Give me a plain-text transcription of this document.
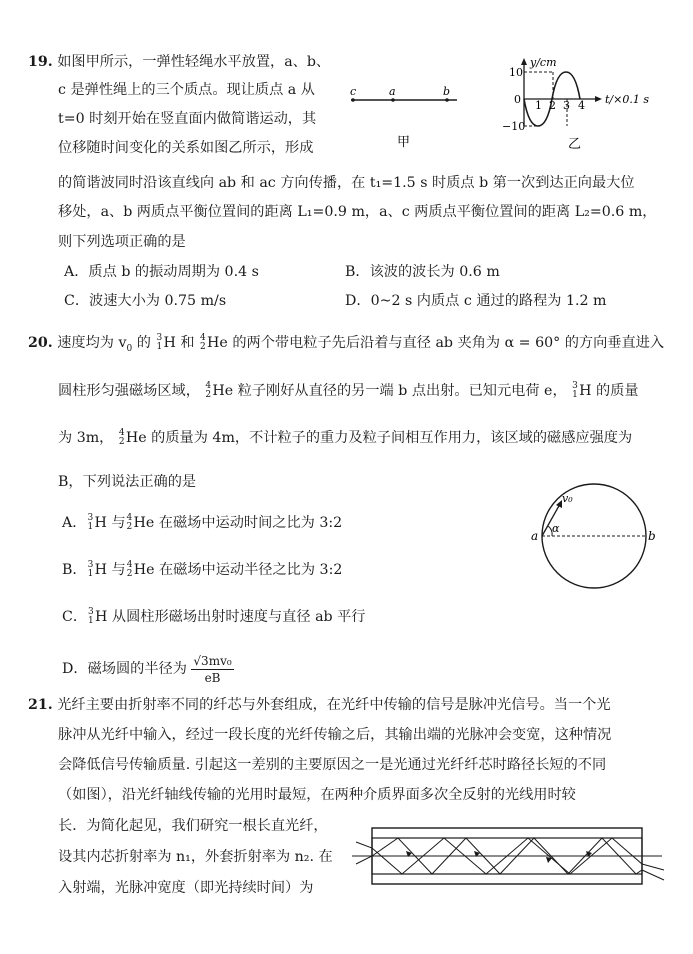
19. 如图甲所示，一弹性轻绳水平放置，a、b、
c 是弹性绳上的三个质点。现让质点 a 从
t=0 时刻开始在竖直面内做简谐运动，其
位移随时间变化的关系如图乙所示，形成
的简谐波同时沿该直线向 ab 和 ac 方向传播，在 t₁=1.5 s 时质点 b 第一次到达正向最大位
移处，a、b 两质点平衡位置间的距离 L₁=0.9 m，a、c 两质点平衡位置间的距离 L₂=0.6 m，
则下列选项正确的是
A．质点 b 的振动周期为 0.4 s	B．该波的波长为 0.6 m
C．波速大小为 0.75 m/s	D．0~2 s 内质点 c 通过的路程为 1.2 m
c	a	b
甲
y/cm
10
−10
0 1 2 3 4 t/×0.1 s
乙
20. 速度均为 $v_0$ 的 3
1 H 和 4
2 He 的两个带电粒子先后沿着与直径 ab 夹角为 α = 60° 的方向垂直进入
圆柱形匀强磁场区域， 4
2 He 粒子刚好从直径的另一端 b 点出射。已知元电荷 e， 3
1 H 的质量
为 3m， 4
2 He 的质量为 4m，不计粒子的重力及粒子间相互作用力，该区域的磁感应强度为
B，下列说法正确的是
A． 3
1 H 与 4
2 He 在磁场中运动时间之比为 3:2
B． 3
1 H 与 4
2 He 在磁场中运动半径之比为 3:2
C． 3
1 H 从圆柱形磁场出射时速度与直径 ab 平行
D．磁场圆的半径为 $\frac{\text{√3mv₀}}{eB}$
a	b
v₀
α
21. 光纤主要由折射率不同的纤芯与外套组成，在光纤中传输的信号是脉冲光信号。当一个光
脉冲从光纤中输入，经过一段长度的光纤传输之后，其输出端的光脉冲会变宽，这种情况
会降低信号传输质量. 引起这一差别的主要原因之一是光通过光纤纤芯时路径长短的不同
（如图），沿光纤轴线传输的光用时最短，在两种介质界面多次全反射的光线用时较
长．为简化起见，我们研究一根长直光纤，
设其内芯折射率为 n₁，外套折射率为 n₂. 在
入射端，光脉冲宽度（即光持续时间）为
